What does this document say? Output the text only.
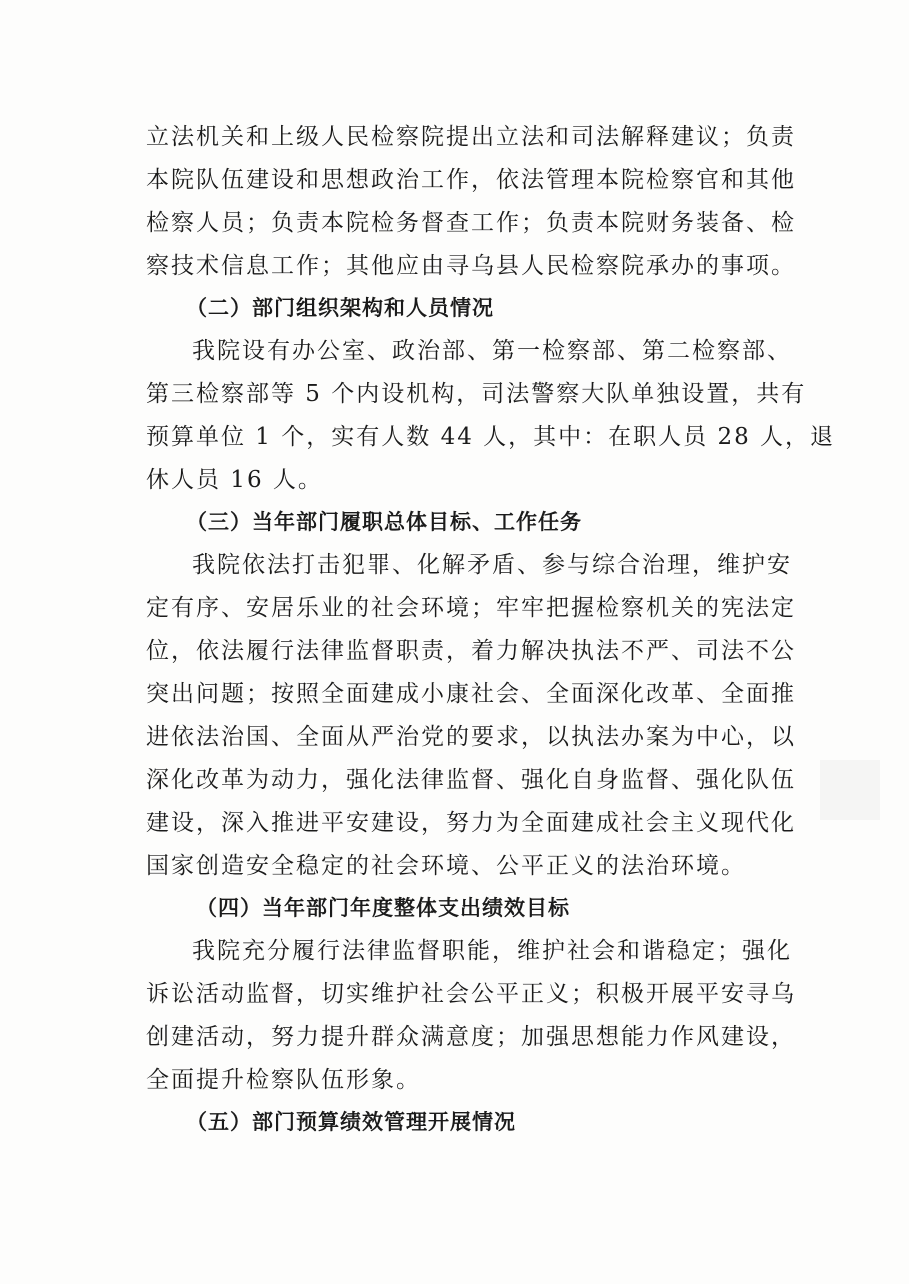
立法机关和上级人民检察院提出立法和司法解释建议；负责
本院队伍建设和思想政治工作，依法管理本院检察官和其他
检察人员；负责本院检务督查工作；负责本院财务装备、检
察技术信息工作；其他应由寻乌县人民检察院承办的事项。
（二）部门组织架构和人员情况
我院设有办公室、政治部、第一检察部、第二检察部、
第三检察部等 5 个内设机构，司法警察大队单独设置，共有
预算单位 1 个，实有人数 44 人，其中：在职人员 28 人，退
休人员 16 人。
（三）当年部门履职总体目标、工作任务
我院依法打击犯罪、化解矛盾、参与综合治理，维护安
定有序、安居乐业的社会环境；牢牢把握检察机关的宪法定
位，依法履行法律监督职责，着力解决执法不严、司法不公
突出问题；按照全面建成小康社会、全面深化改革、全面推
进依法治国、全面从严治党的要求，以执法办案为中心，以
深化改革为动力，强化法律监督、强化自身监督、强化队伍
建设，深入推进平安建设，努力为全面建成社会主义现代化
国家创造安全稳定的社会环境、公平正义的法治环境。
（四）当年部门年度整体支出绩效目标
我院充分履行法律监督职能，维护社会和谐稳定；强化
诉讼活动监督，切实维护社会公平正义；积极开展平安寻乌
创建活动，努力提升群众满意度；加强思想能力作风建设，
全面提升检察队伍形象。
（五）部门预算绩效管理开展情况
